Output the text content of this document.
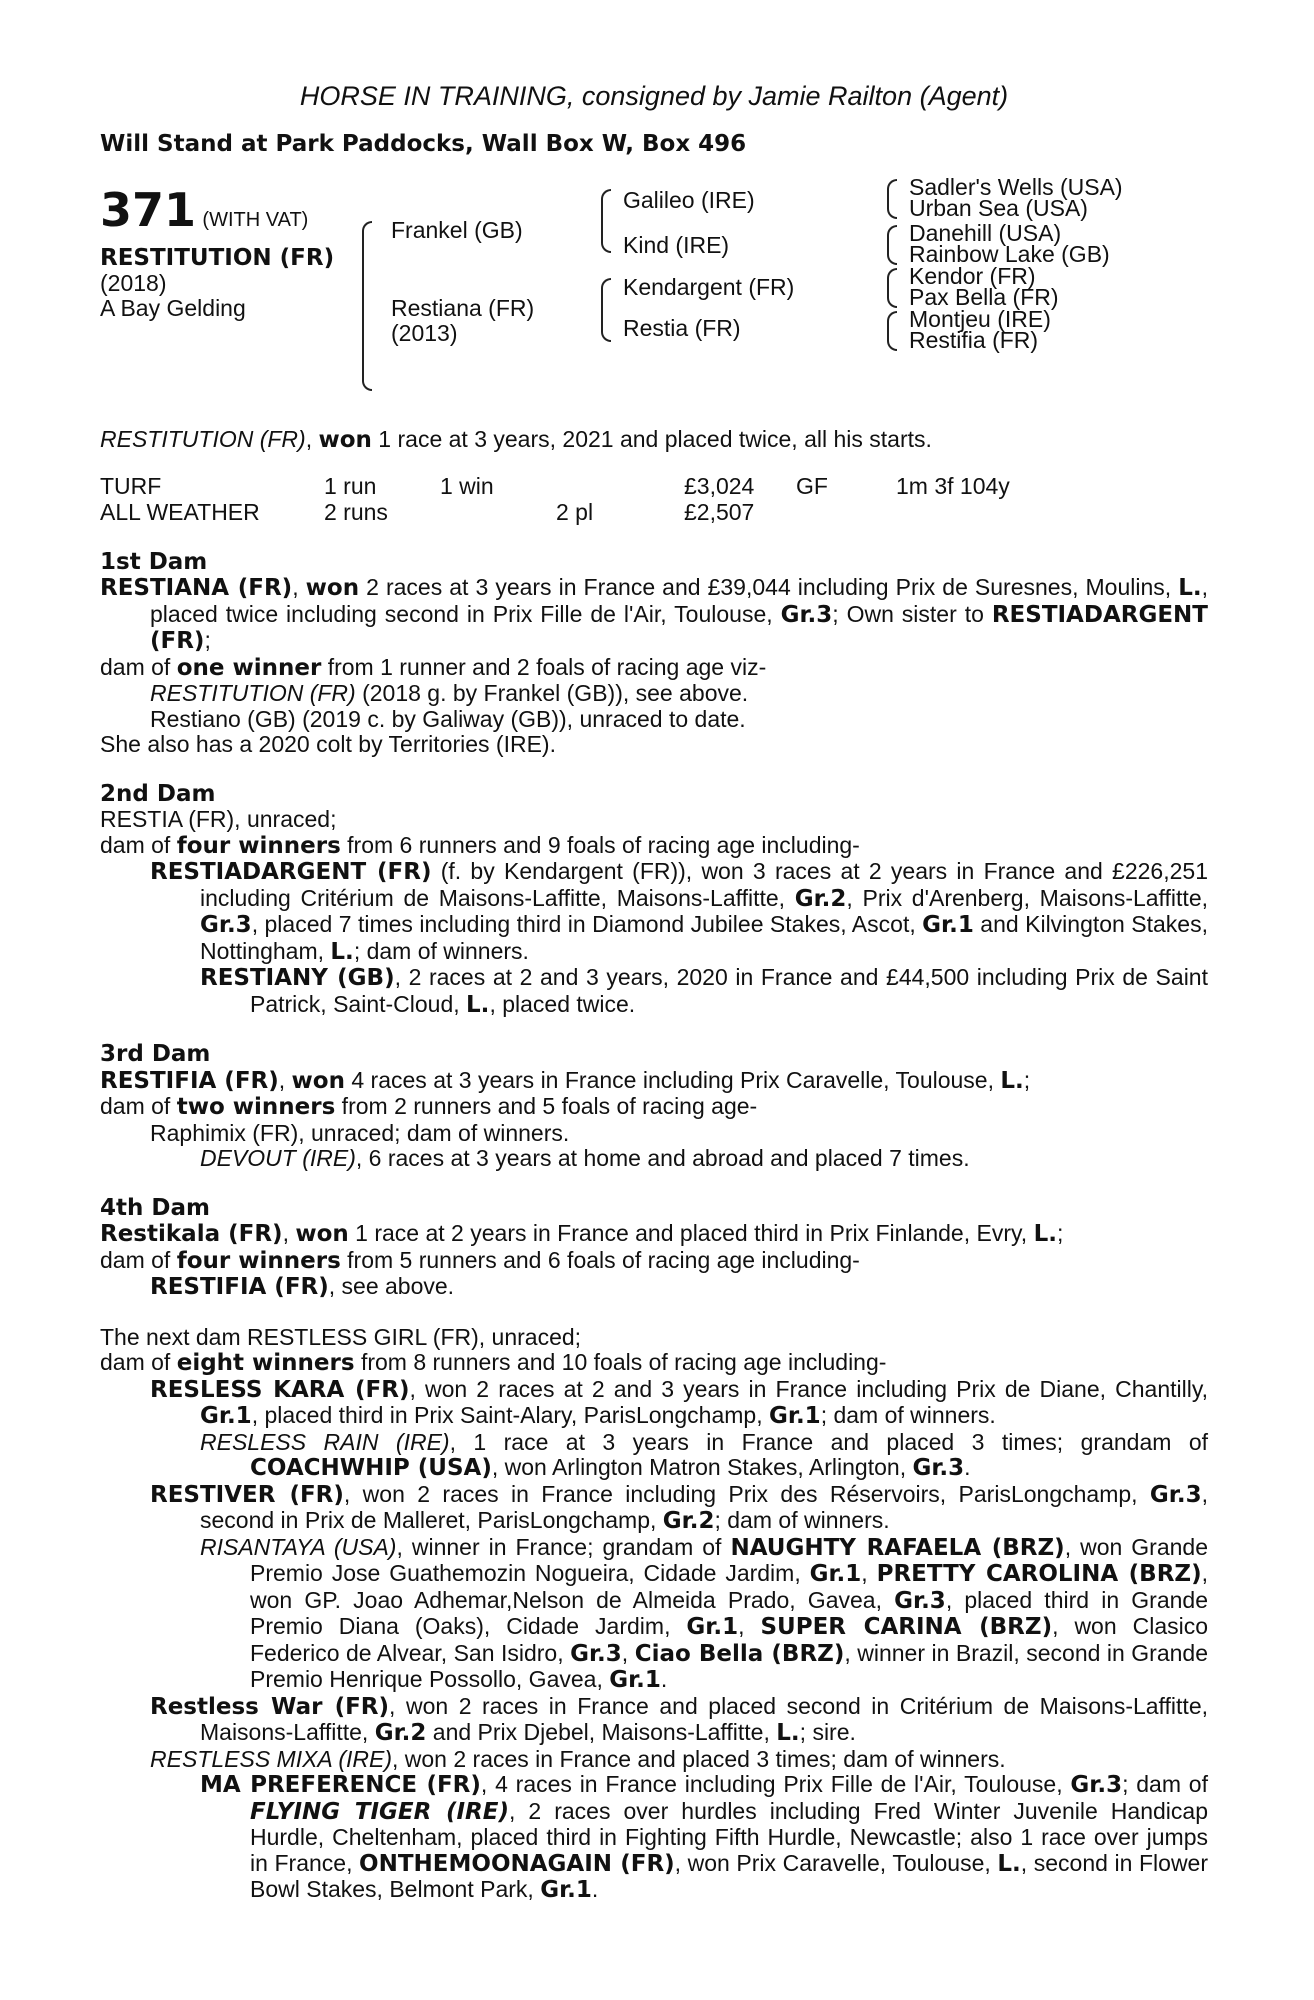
HORSE IN TRAINING, consigned by Jamie Railton (Agent)
Will Stand at Park Paddocks, Wall Box W, Box 496
371 (WITH VAT)
RESTITUTION (FR)
(2018)
A Bay Gelding
Frankel (GB)
Restiana (FR)
(2013)
Galileo (IRE)
Kind (IRE)
Kendargent (FR)
Restia (FR)
Sadler's Wells (USA)
Urban Sea (USA)
Danehill (USA)
Rainbow Lake (GB)
Kendor (FR)
Pax Bella (FR)
Montjeu (IRE)
Restifia (FR)

RESTITUTION (FR), won 1 race at 3 years, 2021 and placed twice, all his starts.

TURF	1 run	1 win		£3,024	GF	1m 3f 104y
ALL WEATHER	2 runs		2 pl	£2,507		
1st Dam

RESTIANA (FR), won 2 races at 3 years in France and £39,044 including Prix de Suresnes, Moulins, L., placed twice including second in Prix Fille de l'Air, Toulouse, Gr.3; Own sister to RESTIADARGENT (FR);

dam of one winner from 1 runner and 2 foals of racing age viz-

RESTITUTION (FR) (2018 g. by Frankel (GB)), see above.

Restiano (GB) (2019 c. by Galiway (GB)), unraced to date.

She also has a 2020 colt by Territories (IRE).

2nd Dam

RESTIA (FR), unraced;

dam of four winners from 6 runners and 9 foals of racing age including-

RESTIADARGENT (FR) (f. by Kendargent (FR)), won 3 races at 2 years in France and £226,251 including Critérium de Maisons-Laffitte, Maisons-Laffitte, Gr.2, Prix d'Arenberg, Maisons-Laffitte, Gr.3, placed 7 times including third in Diamond Jubilee Stakes, Ascot, Gr.1 and Kilvington Stakes, Nottingham, L.; dam of winners.

RESTIANY (GB), 2 races at 2 and 3 years, 2020 in France and £44,500 including Prix de Saint Patrick, Saint-Cloud, L., placed twice.

3rd Dam

RESTIFIA (FR), won 4 races at 3 years in France including Prix Caravelle, Toulouse, L.;

dam of two winners from 2 runners and 5 foals of racing age-

Raphimix (FR), unraced; dam of winners.

DEVOUT (IRE), 6 races at 3 years at home and abroad and placed 7 times.

4th Dam

Restikala (FR), won 1 race at 2 years in France and placed third in Prix Finlande, Evry, L.;

dam of four winners from 5 runners and 6 foals of racing age including-

RESTIFIA (FR), see above.

The next dam RESTLESS GIRL (FR), unraced;

dam of eight winners from 8 runners and 10 foals of racing age including-

RESLESS KARA (FR), won 2 races at 2 and 3 years in France including Prix de Diane, Chantilly, Gr.1, placed third in Prix Saint-Alary, ParisLongchamp, Gr.1; dam of winners.

RESLESS RAIN (IRE), 1 race at 3 years in France and placed 3 times; grandam of COACHWHIP (USA), won Arlington Matron Stakes, Arlington, Gr.3.

RESTIVER (FR), won 2 races in France including Prix des Réservoirs, ParisLongchamp, Gr.3, second in Prix de Malleret, ParisLongchamp, Gr.2; dam of winners.

RISANTAYA (USA), winner in France; grandam of NAUGHTY RAFAELA (BRZ), won Grande Premio Jose Guathemozin Nogueira, Cidade Jardim, Gr.1, PRETTY CAROLINA (BRZ), won GP. Joao Adhemar,Nelson de Almeida Prado, Gavea, Gr.3, placed third in Grande Premio Diana (Oaks), Cidade Jardim, Gr.1, SUPER CARINA (BRZ), won Clasico Federico de Alvear, San Isidro, Gr.3, Ciao Bella (BRZ), winner in Brazil, second in Grande Premio Henrique Possollo, Gavea, Gr.1.

Restless War (FR), won 2 races in France and placed second in Critérium de Maisons-Laffitte, Maisons-Laffitte, Gr.2 and Prix Djebel, Maisons-Laffitte, L.; sire.

RESTLESS MIXA (IRE), won 2 races in France and placed 3 times; dam of winners.

MA PREFERENCE (FR), 4 races in France including Prix Fille de l'Air, Toulouse, Gr.3; dam of FLYING TIGER (IRE), 2 races over hurdles including Fred Winter Juvenile Handicap Hurdle, Cheltenham, placed third in Fighting Fifth Hurdle, Newcastle; also 1 race over jumps in France, ONTHEMOONAGAIN (FR), won Prix Caravelle, Toulouse, L., second in Flower Bowl Stakes, Belmont Park, Gr.1.
